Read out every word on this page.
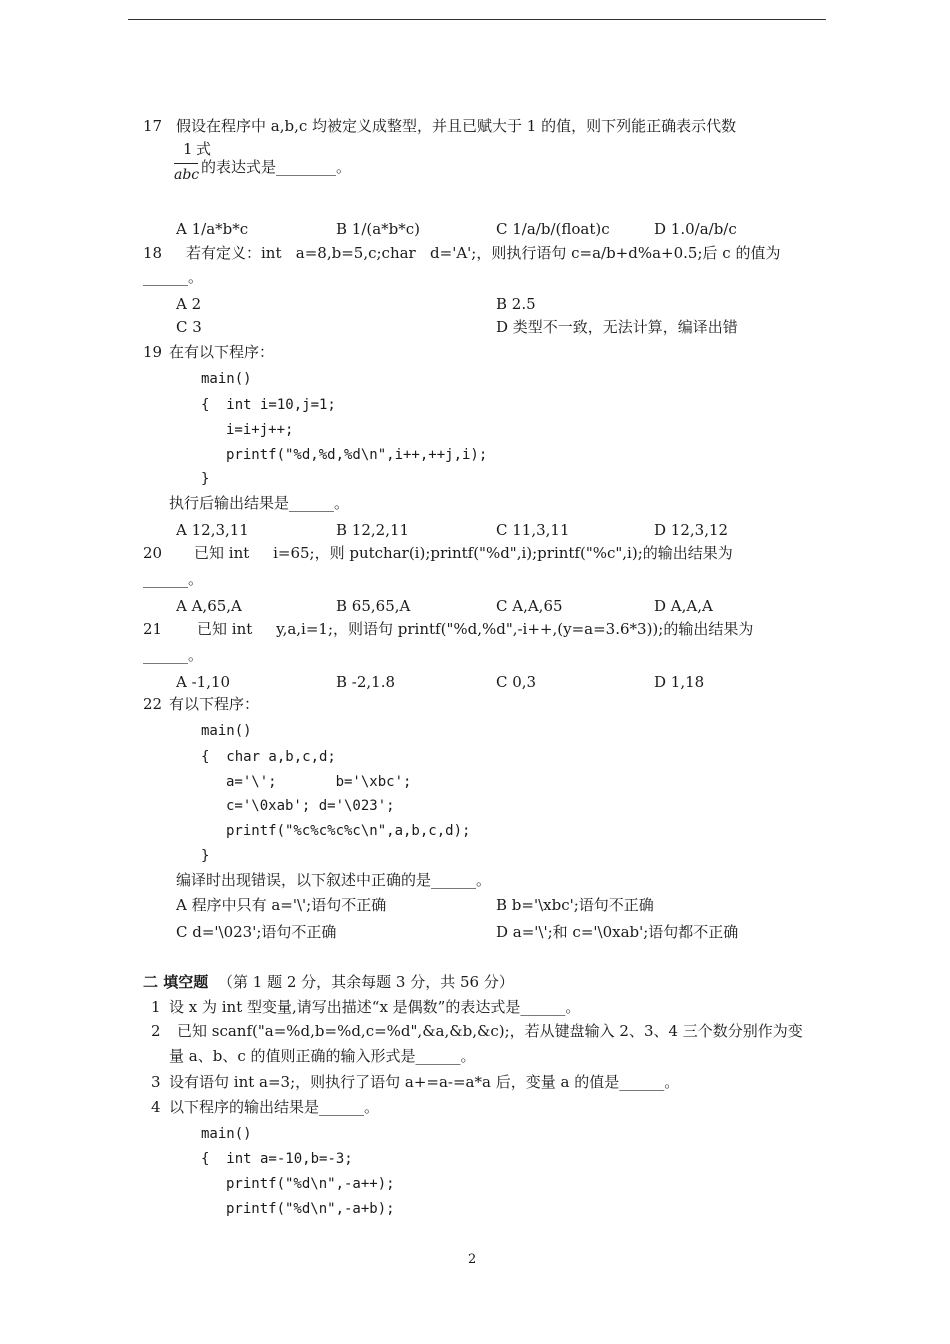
17 假设在程序中 a,b,c 均被定义成整型，并且已赋大于 1 的值，则下列能正确表示代数
1 式
abc 的表达式是________。
A 1/a*b*c	B 1/(a*b*c)	C 1/a/b/(float)c	D 1.0/a/b/c
18 若有定义：int   a=8,b=5,c;char   d='A';，则执行语句 c=a/b+d%a+0.5;后 c 的值为
______。
A 2	B 2.5
C 3	D 类型不一致，无法计算，编译出错
19 在有以下程序：
main()
{  int i=10,j=1;
i=i+j++;
printf("%d,%d,%d\n",i++,++j,i);
}
执行后输出结果是______。
A 12,3,11	B 12,2,11	C 11,3,11	D 12,3,12
20 已知 int     i=65;，则 putchar(i);printf("%d",i);printf("%c",i);的输出结果为
______。
A A,65,A	B 65,65,A	C A,A,65	D A,A,A
21 已知 int     y,a,i=1;，则语句 printf("%d,%d",-i++,(y=a=3.6*3));的输出结果为
______。
A -1,10	B -2,1.8	C 0,3	D 1,18
22 有以下程序：
main()
{  char a,b,c,d;
a='\';       b='\xbc';
c='\0xab'; d='\023';
printf("%c%c%c%c\n",a,b,c,d);
}
编译时出现错误，以下叙述中正确的是______。
A 程序中只有 a='\';语句不正确	B b='\xbc';语句不正确
C d='\023';语句不正确	D a='\';和 c='\0xab';语句都不正确
二 填空题 （第 1 题 2 分，其余每题 3 分，共 56 分）
1 设 x 为 int 型变量,请写出描述“x 是偶数”的表达式是______。
2 已知 scanf("a=%d,b=%d,c=%d",&a,&b,&c);，若从键盘输入 2、3、4 三个数分别作为变
量 a、b、c 的值则正确的输入形式是______。
3 设有语句 int a=3;，则执行了语句 a+=a-=a*a 后，变量 a 的值是______。
4 以下程序的输出结果是______。
main()
{  int a=-10,b=-3;
printf("%d\n",-a++);
printf("%d\n",-a+b);
2
